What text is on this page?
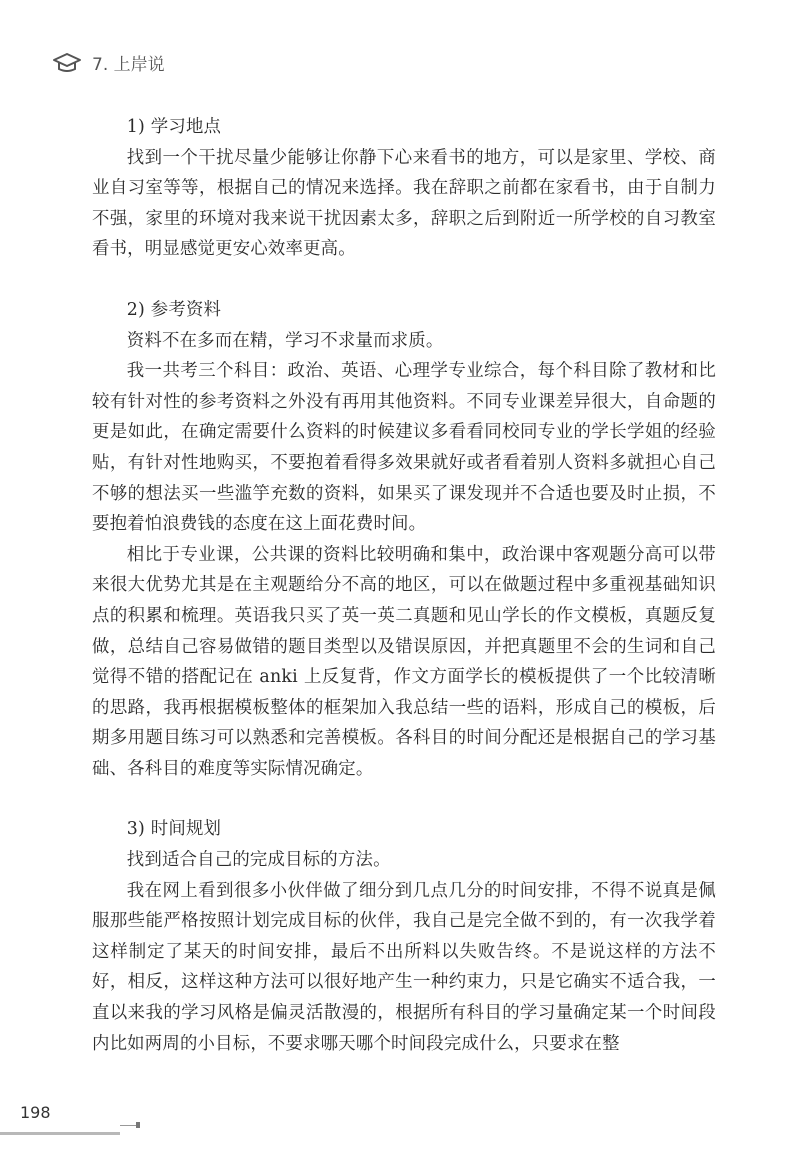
7. 上岸说
1) 学习地点

找到一个干扰尽量少能够让你静下心来看书的地方，可以是家里、学校、商业自习室等等，根据自己的情况来选择。我在辞职之前都在家看书，由于自制力不强，家里的环境对我来说干扰因素太多，辞职之后到附近一所学校的自习教室看书，明显感觉更安心效率更高。

2) 参考资料

资料不在多而在精，学习不求量而求质。

我一共考三个科目：政治、英语、心理学专业综合，每个科目除了教材和比较有针对性的参考资料之外没有再用其他资料。不同专业课差异很大，自命题的更是如此，在确定需要什么资料的时候建议多看看同校同专业的学长学姐的经验贴，有针对性地购买，不要抱着看得多效果就好或者看着别人资料多就担心自己不够的想法买一些滥竽充数的资料，如果买了课发现并不合适也要及时止损，不要抱着怕浪费钱的态度在这上面花费时间。

相比于专业课，公共课的资料比较明确和集中，政治课中客观题分高可以带来很大优势尤其是在主观题给分不高的地区，可以在做题过程中多重视基础知识点的积累和梳理。英语我只买了英一英二真题和见山学长的作文模板，真题反复做，总结自己容易做错的题目类型以及错误原因，并把真题里不会的生词和自己觉得不错的搭配记在 anki 上反复背，作文方面学长的模板提供了一个比较清晰的思路，我再根据模板整体的框架加入我总结一些的语料，形成自己的模板，后期多用题目练习可以熟悉和完善模板。各科目的时间分配还是根据自己的学习基础、各科目的难度等实际情况确定。

3) 时间规划

找到适合自己的完成目标的方法。

我在网上看到很多小伙伴做了细分到几点几分的时间安排，不得不说真是佩服那些能严格按照计划完成目标的伙伴，我自己是完全做不到的，有一次我学着这样制定了某天的时间安排，最后不出所料以失败告终。不是说这样的方法不好，相反，这样这种方法可以很好地产生一种约束力，只是它确实不适合我，一直以来我的学习风格是偏灵活散漫的，根据所有科目的学习量确定某一个时间段内比如两周的小目标，不要求哪天哪个时间段完成什么，只要求在整

198
